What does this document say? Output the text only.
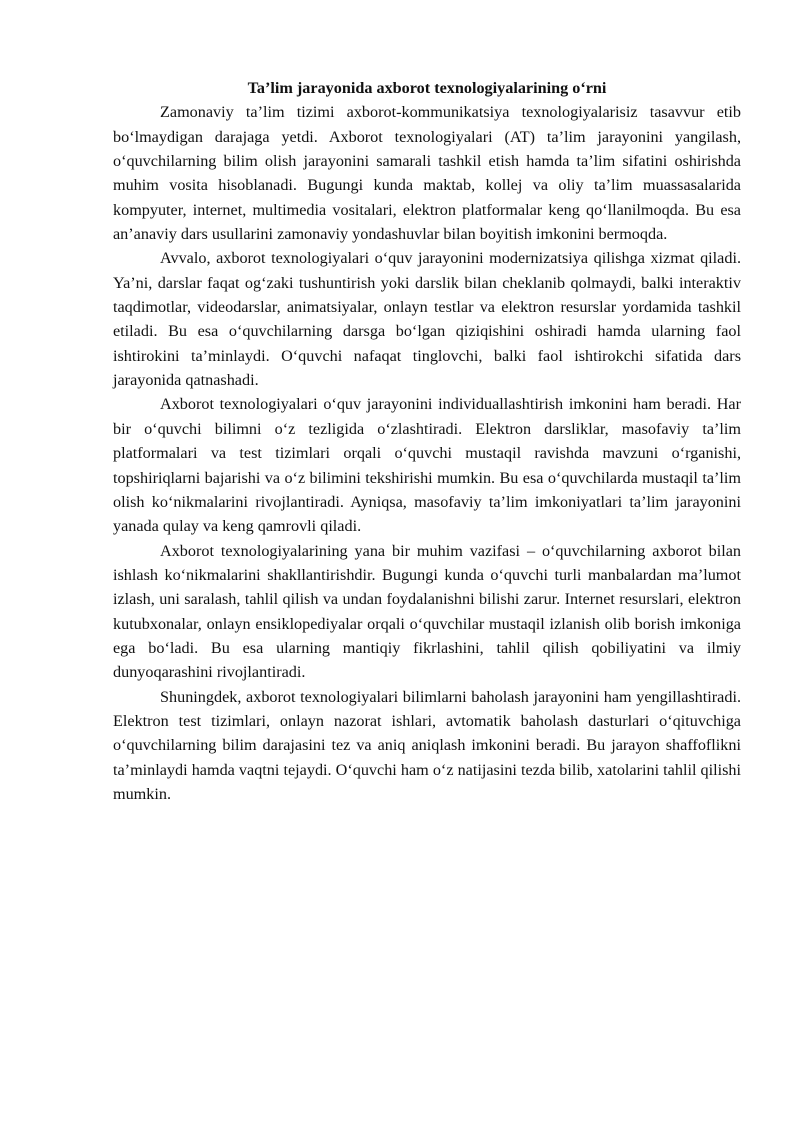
Ta’lim jarayonida axborot texnologiyalarining o‘rni

Zamonaviy ta’lim tizimi axborot-kommunikatsiya texnologiyalarisiz tasavvur etib bo‘lmaydigan darajaga yetdi. Axborot texnologiyalari (AT) ta’lim jarayonini yangilash, o‘quvchilarning bilim olish jarayonini samarali tashkil etish hamda ta’lim sifatini oshirishda muhim vosita hisoblanadi. Bugungi kunda maktab, kollej va oliy ta’lim muassasalarida kompyuter, internet, multimedia vositalari, elektron platformalar keng qo‘llanilmoqda. Bu esa an’anaviy dars usullarini zamonaviy yondashuvlar bilan boyitish imkonini bermoqda.

Avvalo, axborot texnologiyalari o‘quv jarayonini modernizatsiya qilishga xizmat qiladi. Ya’ni, darslar faqat og‘zaki tushuntirish yoki darslik bilan cheklanib qolmaydi, balki interaktiv taqdimotlar, videodarslar, animatsiyalar, onlayn testlar va elektron resurslar yordamida tashkil etiladi. Bu esa o‘quvchilarning darsga bo‘lgan qiziqishini oshiradi hamda ularning faol ishtirokini ta’minlaydi. O‘quvchi nafaqat tinglovchi, balki faol ishtirokchi sifatida dars jarayonida qatnashadi.

Axborot texnologiyalari o‘quv jarayonini individuallashtirish imkonini ham beradi. Har bir o‘quvchi bilimni o‘z tezligida o‘zlashtiradi. Elektron darsliklar, masofaviy ta’lim platformalari va test tizimlari orqali o‘quvchi mustaqil ravishda mavzuni o‘rganishi, topshiriqlarni bajarishi va o‘z bilimini tekshirishi mumkin. Bu esa o‘quvchilarda mustaqil ta’lim olish ko‘nikmalarini rivojlantiradi. Ayniqsa, masofaviy ta’lim imkoniyatlari ta’lim jarayonini yanada qulay va keng qamrovli qiladi.

Axborot texnologiyalarining yana bir muhim vazifasi – o‘quvchilarning axborot bilan ishlash ko‘nikmalarini shakllantirishdir. Bugungi kunda o‘quvchi turli manbalardan ma’lumot izlash, uni saralash, tahlil qilish va undan foydalanishni bilishi zarur. Internet resurslari, elektron kutubxonalar, onlayn ensiklopediyalar orqali o‘quvchilar mustaqil izlanish olib borish imkoniga ega bo‘ladi. Bu esa ularning mantiqiy fikrlashini, tahlil qilish qobiliyatini va ilmiy dunyoqarashini rivojlantiradi.

Shuningdek, axborot texnologiyalari bilimlarni baholash jarayonini ham yengillashtiradi. Elektron test tizimlari, onlayn nazorat ishlari, avtomatik baholash dasturlari o‘qituvchiga o‘quvchilarning bilim darajasini tez va aniq aniqlash imkonini beradi. Bu jarayon shaffoflikni ta’minlaydi hamda vaqtni tejaydi. O‘quvchi ham o‘z natijasini tezda bilib, xatolarini tahlil qilishi mumkin.
